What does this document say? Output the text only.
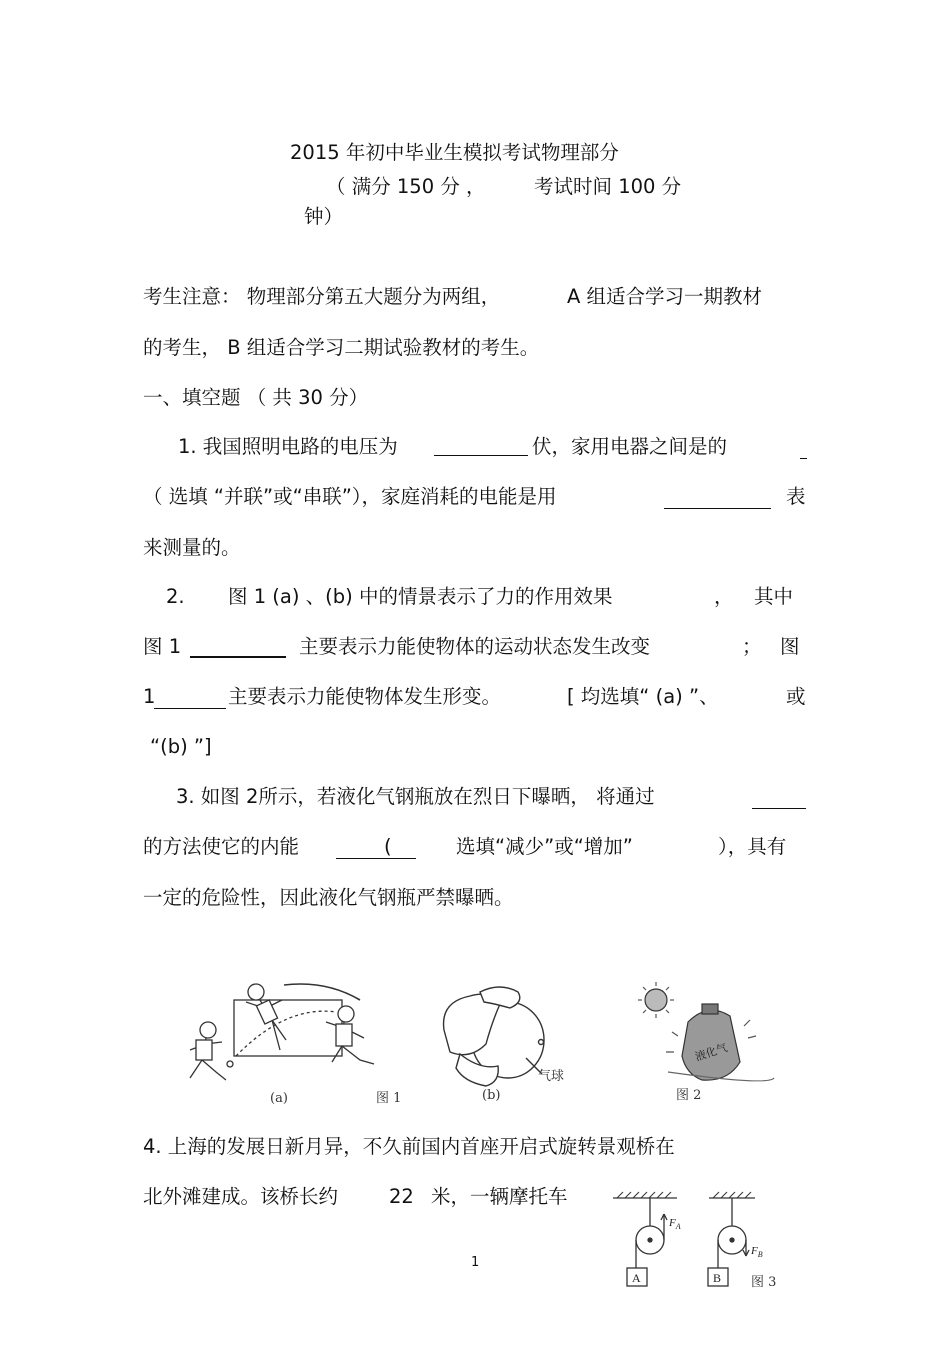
2015 年初中毕业生模拟考试物理部分
（ 满分 150 分 ， 考试时间 100 分
钟）
考生注意： 物理部分第五大题分为两组，	A 组适合学习一期教材
的考生， B 组适合学习二期试验教材的考生。
一、填空题 （ 共 30 分）
1. 我国照明电路的电压为	伏，家用电器之间是的
（ 选填 “并联”或“串联”），家庭消耗的电能是用	表
来测量的。
2. 图 1 (a) 、(b) 中的情景表示了力的作用效果	， 其中
图 1	主要表示力能使物体的运动状态发生改变	； 图
1	主要表示力能使物体发生形变。	[ 均选填“ (a) ”、	或
“(b) ”]
3. 如图 2所示，若液化气钢瓶放在烈日下曝晒， 将通过
的方法使它的内能	(	选填“减少”或“增加”	），具有
一定的危险性，因此液化气钢瓶严禁曝晒。
(a)	图 1	(b)
气球
液化气
图 2
4. 上海的发展日新月异，不久前国内首座开启式旋转景观桥在
北外滩建成。该桥长约	22 米，一辆摩托车
A	B
$F_A$
$F_B$
图 3
1
